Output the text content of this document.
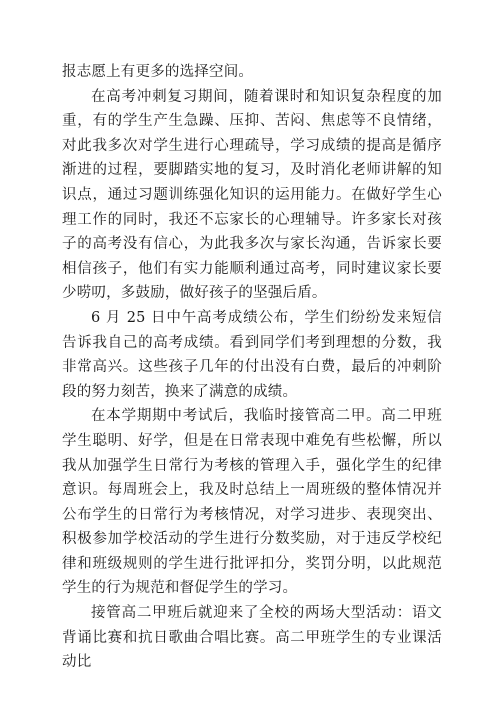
报志愿上有更多的选择空间。

在高考冲刺复习期间，随着课时和知识复杂程度的加重，有的学生产生急躁、压抑、苦闷、焦虑等不良情绪，对此我多次对学生进行心理疏导，学习成绩的提高是循序渐进的过程，要脚踏实地的复习，及时消化老师讲解的知识点，通过习题训练强化知识的运用能力。在做好学生心理工作的同时，我还不忘家长的心理辅导。许多家长对孩子的高考没有信心，为此我多次与家长沟通，告诉家长要相信孩子，他们有实力能顺利通过高考，同时建议家长要少唠叨，多鼓励，做好孩子的坚强后盾。

6 月 25 日中午高考成绩公布，学生们纷纷发来短信告诉我自己的高考成绩。看到同学们考到理想的分数，我非常高兴。这些孩子几年的付出没有白费，最后的冲刺阶段的努力刻苦，换来了满意的成绩。

在本学期期中考试后，我临时接管高二甲。高二甲班学生聪明、好学，但是在日常表现中难免有些松懈，所以我从加强学生日常行为考核的管理入手，强化学生的纪律意识。每周班会上，我及时总结上一周班级的整体情况并公布学生的日常行为考核情况，对学习进步、表现突出、积极参加学校活动的学生进行分数奖励，对于违反学校纪律和班级规则的学生进行批评扣分，奖罚分明，以此规范学生的行为规范和督促学生的学习。

接管高二甲班后就迎来了全校的两场大型活动：语文背诵比赛和抗日歌曲合唱比赛。高二甲班学生的专业课活动比
